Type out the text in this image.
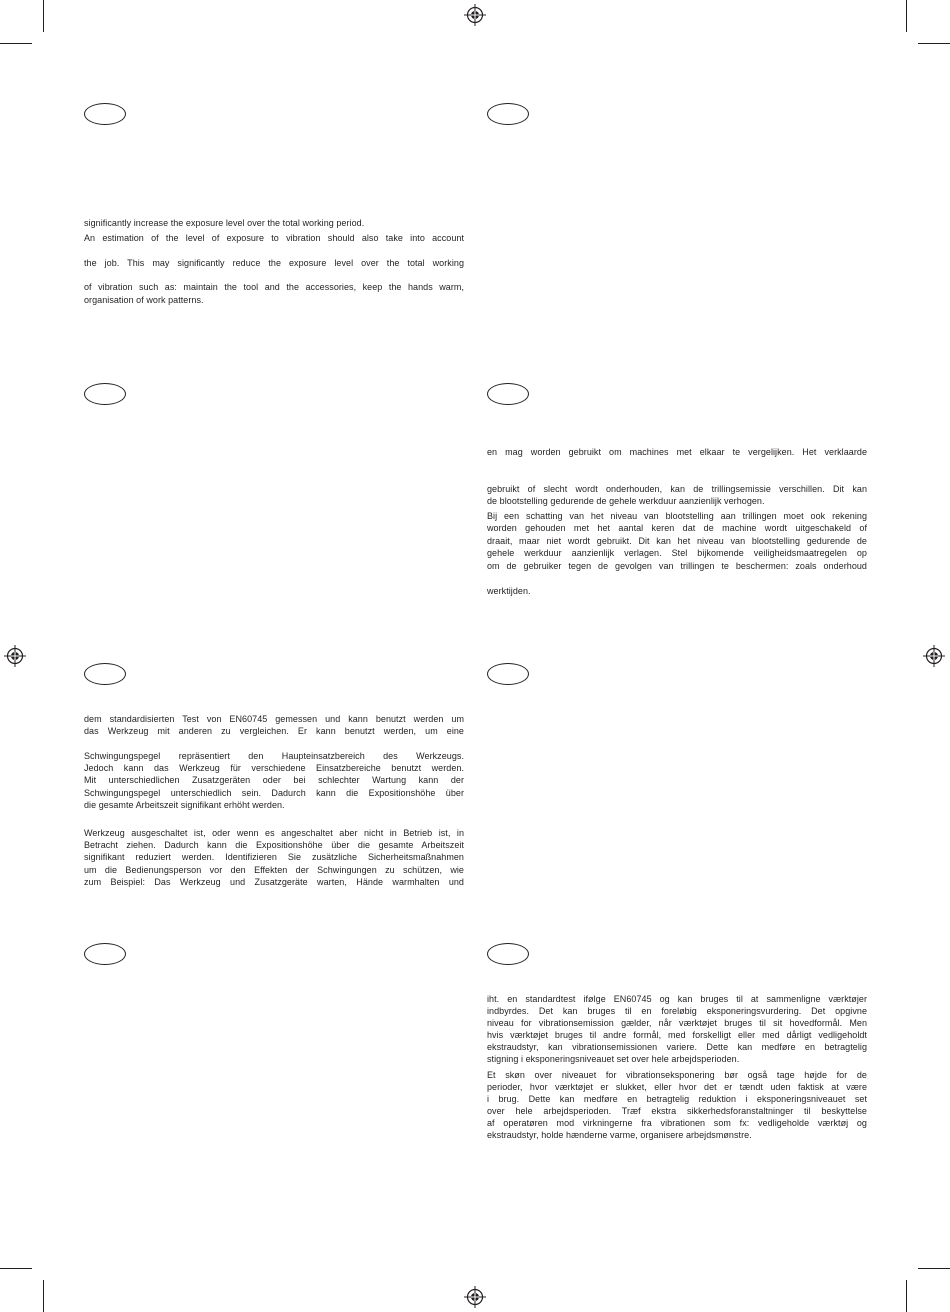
significantly increase the exposure level over the total working period.
An estimation of the level of exposure to vibration should also take into account
the job. This may significantly reduce the exposure level over the total working
of vibration such as: maintain the tool and the accessories, keep the hands warm,
organisation of work patterns.
en mag worden gebruikt om machines met elkaar te vergelijken. Het verklaarde
gebruikt of slecht wordt onderhouden, kan de trillingsemissie verschillen. Dit kan
de blootstelling gedurende de gehele werkduur aanzienlijk verhogen.
Bij een schatting van het niveau van blootstelling aan trillingen moet ook rekening
worden gehouden met het aantal keren dat de machine wordt uitgeschakeld of
draait, maar niet wordt gebruikt. Dit kan het niveau van blootstelling gedurende de
gehele werkduur aanzienlijk verlagen. Stel bijkomende veiligheidsmaatregelen op
om de gebruiker tegen de gevolgen van trillingen te beschermen: zoals onderhoud
werktijden.
dem standardisierten Test von EN60745 gemessen und kann benutzt werden um
das Werkzeug mit anderen zu vergleichen. Er kann benutzt werden, um eine
Schwingungspegel repräsentiert den Haupteinsatzbereich des Werkzeugs.
Jedoch kann das Werkzeug für verschiedene Einsatzbereiche benutzt werden.
Mit unterschiedlichen Zusatzgeräten oder bei schlechter Wartung kann der
Schwingungspegel unterschiedlich sein. Dadurch kann die Expositionshöhe über
die gesamte Arbeitszeit signifikant erhöht werden.
Werkzeug ausgeschaltet ist, oder wenn es angeschaltet aber nicht in Betrieb ist, in
Betracht ziehen. Dadurch kann die Expositionshöhe über die gesamte Arbeitszeit
signifikant reduziert werden. Identifizieren Sie zusätzliche Sicherheitsmaßnahmen
um die Bedienungsperson vor den Effekten der Schwingungen zu schützen, wie
zum Beispiel: Das Werkzeug und Zusatzgeräte warten, Hände warmhalten und
iht. en standardtest ifølge EN60745 og kan bruges til at sammenligne værktøjer
indbyrdes. Det kan bruges til en foreløbig eksponeringsvurdering. Det opgivne
niveau for vibrationsemission gælder, når værktøjet bruges til sit hovedformål. Men
hvis værktøjet bruges til andre formål, med forskelligt eller med dårligt vedligeholdt
ekstraudstyr, kan vibrationsemissionen variere. Dette kan medføre en betragtelig
stigning i eksponeringsniveauet set over hele arbejdsperioden.
Et skøn over niveauet for vibrationseksponering bør også tage højde for de
perioder, hvor værktøjet er slukket, eller hvor det er tændt uden faktisk at være
i brug. Dette kan medføre en betragtelig reduktion i eksponeringsniveauet set
over hele arbejdsperioden. Træf ekstra sikkerhedsforanstaltninger til beskyttelse
af operatøren mod virkningerne fra vibrationen som fx: vedligeholde værktøj og
ekstraudstyr, holde hænderne varme, organisere arbejdsmønstre.
